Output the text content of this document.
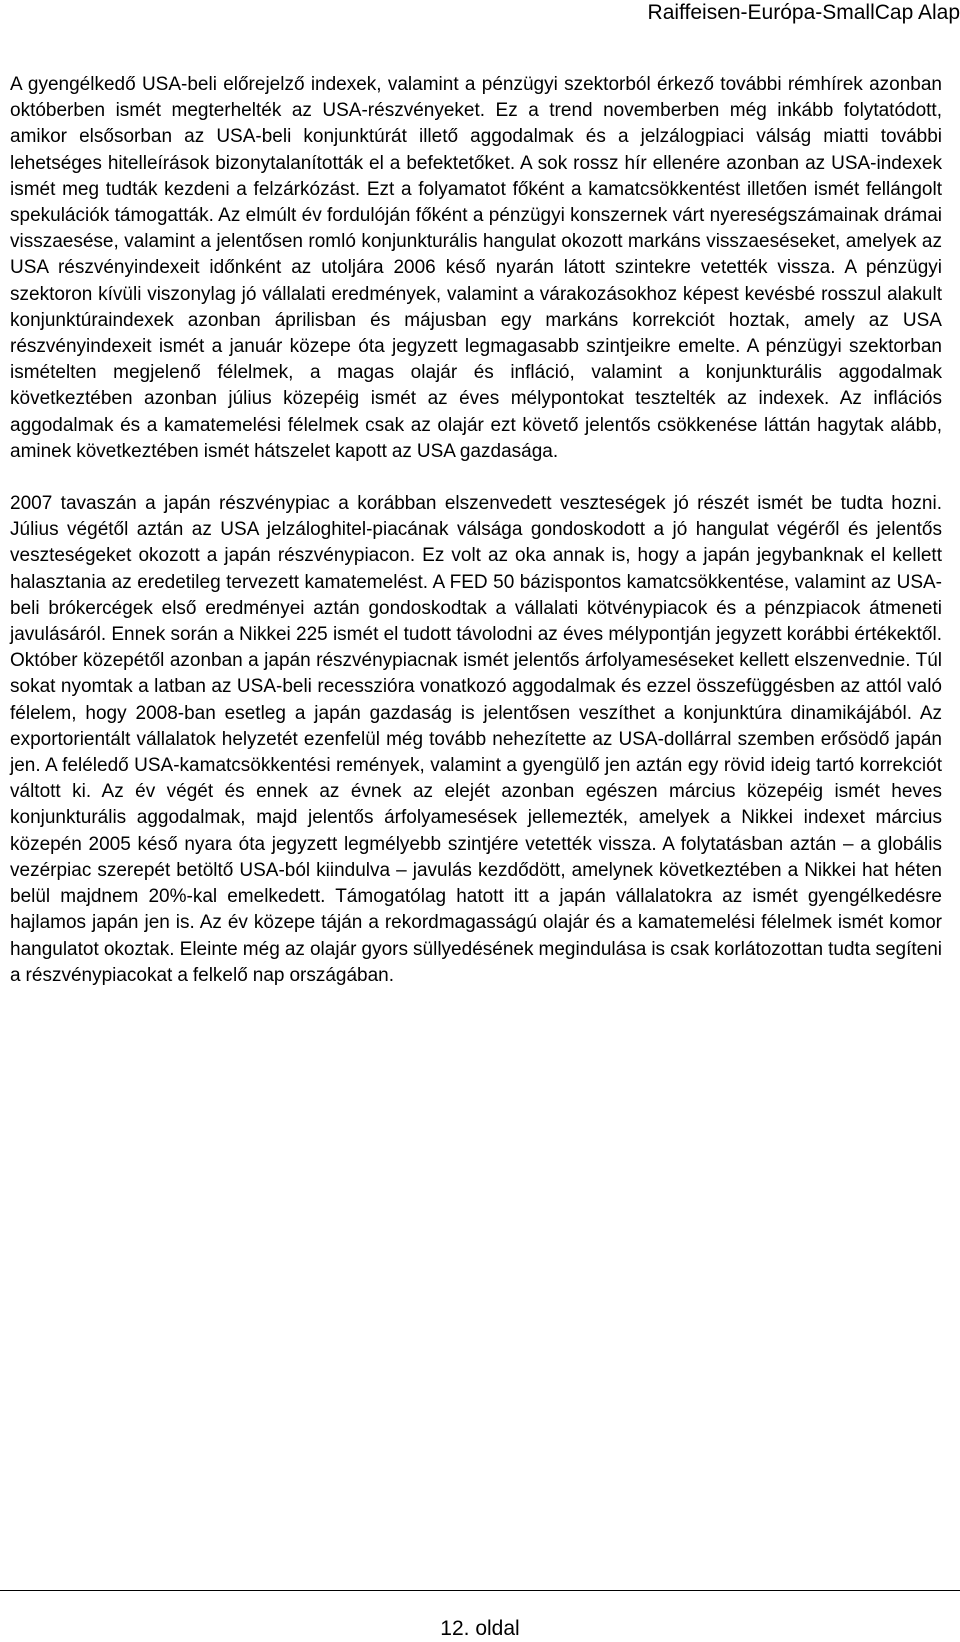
Raiffeisen-Európa-SmallCap Alap

A gyengélkedő USA-beli előrejelző indexek, valamint a pénzügyi szektorból érkező további rémhírek azonban októberben ismét megterhelték az USA-részvényeket. Ez a trend novemberben még inkább folytatódott, amikor elsősorban az USA-beli konjunktúrát illető aggodalmak és a jelzálogpiaci válság miatti további lehetséges hitelleírások bizonytalanították el a befektetőket. A sok rossz hír ellenére azonban az USA-indexek ismét meg tudták kezdeni a felzárkózást. Ezt a folyamatot főként a kamatcsökkentést illetően ismét fellángolt spekulációk támogatták. Az elmúlt év fordulóján főként a pénzügyi konszernek várt nyereségszámainak drámai visszaesése, valamint a jelentősen romló konjunkturális hangulat okozott markáns visszaeséseket, amelyek az USA részvényindexeit időnként az utoljára 2006 késő nyarán látott szintekre vetették vissza. A pénzügyi szektoron kívüli viszonylag jó vállalati eredmények, valamint a várakozásokhoz képest kevésbé rosszul alakult konjunktúraindexek azonban áprilisban és májusban egy markáns korrekciót hoztak, amely az USA részvényindexeit ismét a január közepe óta jegyzett legmagasabb szintjeikre emelte. A pénzügyi szektorban ismételten megjelenő félelmek, a magas olajár és infláció, valamint a konjunkturális aggodalmak következtében azonban július közepéig ismét az éves mélypontokat tesztelték az indexek. Az inflációs aggodalmak és a kamatemelési félelmek csak az olajár ezt követő jelentős csökkenése láttán hagytak alább, aminek következtében ismét hátszelet kapott az USA gazdasága.

2007 tavaszán a japán részvénypiac a korábban elszenvedett veszteségek jó részét ismét be tudta hozni. Július végétől aztán az USA jelzáloghitel-piacának válsága gondoskodott a jó hangulat végéről és jelentős veszteségeket okozott a japán részvénypiacon. Ez volt az oka annak is, hogy a japán jegybanknak el kellett halasztania az eredetileg tervezett kamatemelést. A FED 50 bázispontos kamatcsökkentése, valamint az USA-beli brókercégek első eredményei aztán gondoskodtak a vállalati kötvénypiacok és a pénzpiacok átmeneti javulásáról. Ennek során a Nikkei 225 ismét el tudott távolodni az éves mélypontján jegyzett korábbi értékektől. Október közepétől azonban a japán részvénypiacnak ismét jelentős árfolyameséseket kellett elszenvednie. Túl sokat nyomtak a latban az USA-beli recesszióra vonatkozó aggodalmak és ezzel összefüggésben az attól való félelem, hogy 2008-ban esetleg a japán gazdaság is jelentősen veszíthet a konjunktúra dinamikájából. Az exportorientált vállalatok helyzetét ezenfelül még tovább nehezítette az USA-dollárral szemben erősödő japán jen. A feléledő USA-kamatcsökkentési remények, valamint a gyengülő jen aztán egy rövid ideig tartó korrekciót váltott ki. Az év végét és ennek az évnek az elejét azonban egészen március közepéig ismét heves konjunkturális aggodalmak, majd jelentős árfolyamesések jellemezték, amelyek a Nikkei indexet március közepén 2005 késő nyara óta jegyzett legmélyebb szintjére vetették vissza. A folytatásban aztán – a globális vezérpiac szerepét betöltő USA-ból kiindulva – javulás kezdődött, amelynek következtében a Nikkei hat héten belül majdnem 20%-kal emelkedett. Támogatólag hatott itt a japán vállalatokra az ismét gyengélkedésre hajlamos japán jen is. Az év közepe táján a rekordmagasságú olajár és a kamatemelési félelmek ismét komor hangulatot okoztak. Eleinte még az olajár gyors süllyedésének megindulása is csak korlátozottan tudta segíteni a részvénypiacokat a felkelő nap országában.

12. oldal
